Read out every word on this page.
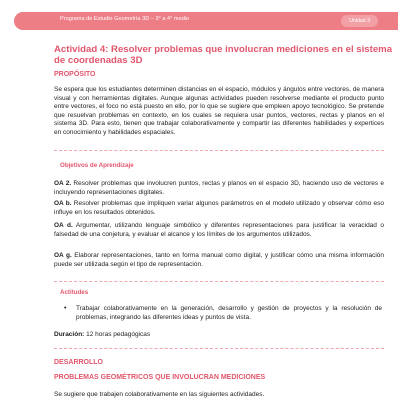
Programa de Estudio Geometría 3D – 3° a 4° medio	Unidad 3
Actividad 4: Resolver problemas que involucran mediciones en el sistema de coordenadas 3D
PROPÓSITO

Se espera que los estudiantes determinen distancias en el espacio, módulos y ángulos entre vectores, de manera visual y con herramientas digitales. Aunque algunas actividades pueden resolverse mediante el producto punto entre vectores, el foco no está puesto en ello, por lo que se sugiere que empleen apoyo tecnológico. Se pretende que resuelvan problemas en contexto, en los cuales se requiera usar puntos, vectores, rectas y planos en el sistema 3D. Para esto, tienen que trabajar colaborativamente y compartir las diferentes habilidades y expertices en conocimiento y habilidades espaciales.

Objetivos de Aprendizaje

OA 2. Resolver problemas que involucren puntos, rectas y planos en el espacio 3D, haciendo uso de vectores e incluyendo representaciones digitales.

OA b. Resolver problemas que impliquen variar algunos parámetros en el modelo utilizado y observar cómo eso influye en los resultados obtenidos.

OA d. Argumentar, utilizando lenguaje simbólico y diferentes representaciones para justificar la veracidad o falsedad de una conjetura, y evaluar el alcance y los límites de los argumentos utilizados.

OA g. Elaborar representaciones, tanto en forma manual como digital, y justificar cómo una misma información puede ser utilizada según el tipo de representación.

Actitudes
•	Trabajar colaborativamente en la generación, desarrollo y gestión de proyectos y la resolución de problemas, integrando las diferentes ideas y puntos de vista.

Duración: 12 horas pedagógicas

DESARROLLO
PROBLEMAS GEOMÉTRICOS QUE INVOLUCRAN MEDICIONES

Se sugiere que trabajen colaborativamente en las siguientes actividades.
